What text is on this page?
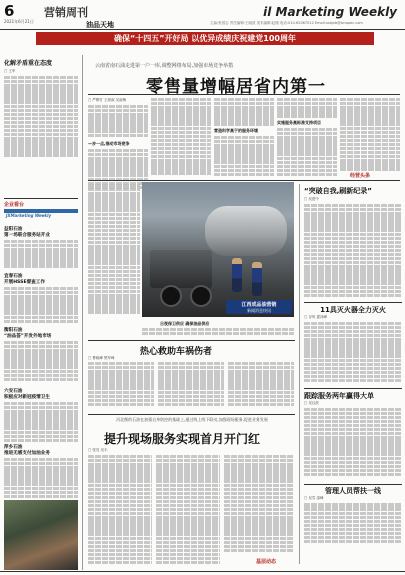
6
2021年6月21日
营销周刊
油品天地
il Marketing Weekly
主编:张国志 责任编辑:王晓波 美术编辑:赵刚 电话:010-62067012 Email:xsbjxb@sinopec.com
确保“十四五”开好局 以优异成绩庆祝建党100周年
化解矛盾重在态度
□ 王军
企业看台
JXMarketing Weekly
益阳石油
第一场联合服务站开业
宜春石油
开展HSSE督查工作
衡阳石油
“油品荟”开发外地市场
六安石油
积极应对新冠疫情卫生
萍乡石油
推进无感支付加油业务
云南省南石油走进第一户一库,调整网络布局,加强市场竞争举措
零售量增幅居省内第一
□ 严柳甘 王颜淑 吴淑梅
—步一点,推动市场竞争
营造科学高于的服务环境
实施服务高标准支持项目
经营头条
江西成品油营销
新闻消息快讯
日夜保卫供应 确保油品供应
“突破自我,刷新纪录”
□ 吴建中
11具灭火器全力灭火
□ 谷风 霍泽峰
跟踪服务两年赢得大单
□ 吴汉波
管理人员帮扶一线
□ 吴雪 邵峰
热心救助车祸伤者
□ 曹晓峰 樊军峰
河北衡的石油在加强自身防控的基础上,通过线上线下联动,加强现场服务,促进业务发展
提升现场服务实现首月开门红
□ 张亮 吴丰
基层动态
